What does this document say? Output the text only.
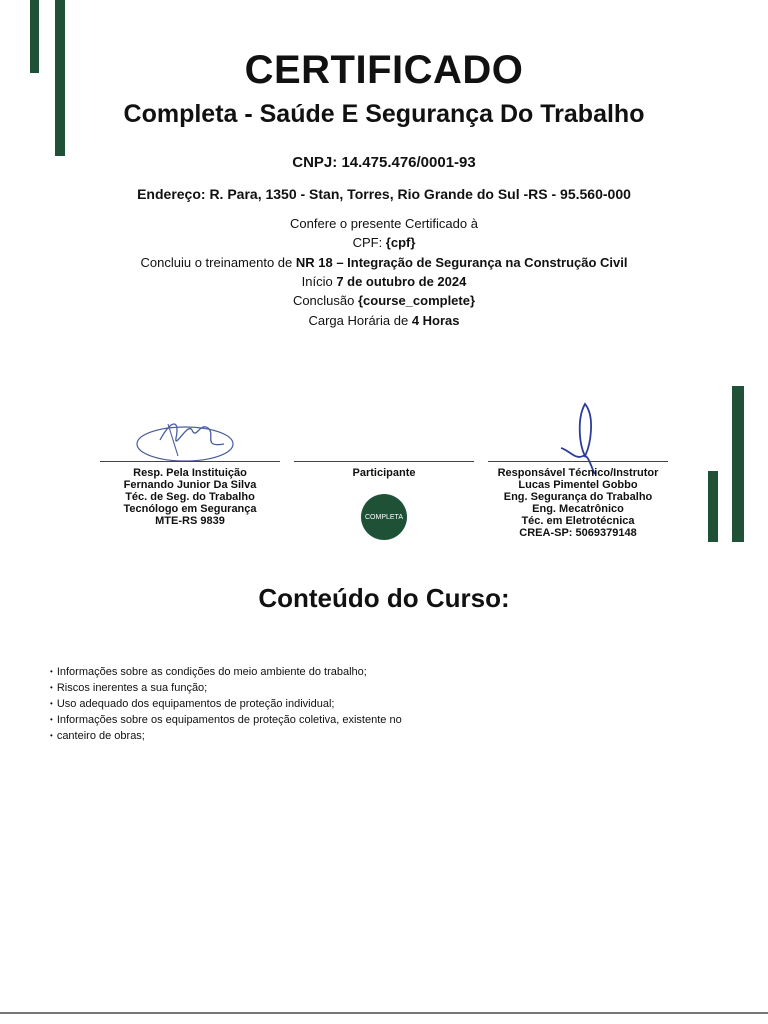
CERTIFICADO
Completa - Saúde E Segurança Do Trabalho
CNPJ: 14.475.476/0001-93
Endereço: R. Para, 1350 - Stan, Torres, Rio Grande do Sul -RS - 95.560-000
Confere o presente Certificado à
CPF: {cpf}
Concluiu o treinamento de NR 18 – Integração de Segurança na Construção Civil
Início 7 de outubro de 2024
Conclusão {course_complete}
Carga Horária de 4 Horas
Resp. Pela Instituição
Fernando Junior Da Silva
Téc. de Seg. do Trabalho
Tecnólogo em Segurança
MTE-RS 9839
Participante
COMPLETA
Responsável Técnico/Instrutor
Lucas Pimentel Gobbo
Eng. Segurança do Trabalho
Eng. Mecatrônico
Téc. em Eletrotécnica
CREA-SP: 5069379148
Conteúdo do Curso:
• Informações sobre as condições do meio ambiente do trabalho;
• Riscos inerentes a sua função;
• Uso adequado dos equipamentos de proteção individual;
• Informações sobre os equipamentos de proteção coletiva, existente no
• canteiro de obras;
